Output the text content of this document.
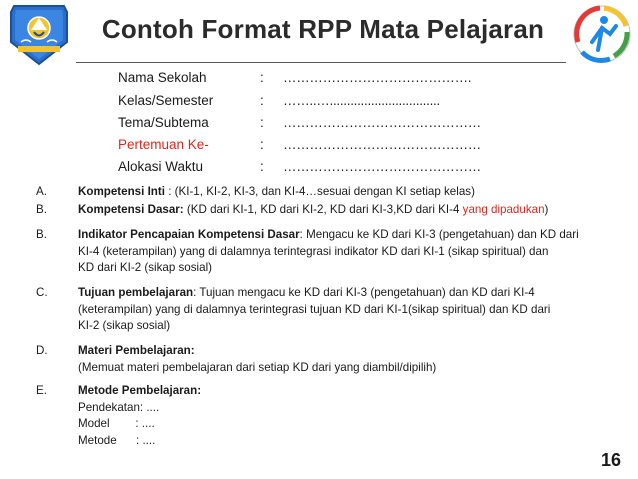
Contoh Format RPP Mata Pelajaran
Nama Sekolah	: …………………………………….
Kelas/Semester	: ……..…................................
Tema/Subtema	: ………………………………………
Pertemuan Ke-	: ………………………………………
Alokasi Waktu	: ………………………………………
A.	Kompetensi Inti : (KI-1, KI-2, KI-3, dan KI-4…sesuai dengan KI setiap kelas)
B.	Kompetensi Dasar: (KD dari KI-1, KD dari KI-2, KD dari KI-3,KD dari KI-4 yang dipadukan)
B.	Indikator Pencapaian Kompetensi Dasar: Mengacu ke KD dari KI-3 (pengetahuan) dan KD dari
KI-4 (keterampilan) yang di dalamnya terintegrasi indikator KD dari KI-1 (sikap spiritual) dan
KD dari KI-2 (sikap sosial)
C.	Tujuan pembelajaran: Tujuan mengacu ke KD dari KI-3 (pengetahuan) dan KD dari KI-4
(keterampilan) yang di dalamnya terintegrasi tujuan KD dari KI-1(sikap spiritual) dan KD dari
KI-2 (sikap sosial)
D.	Materi Pembelajaran:
(Memuat materi pembelajaran dari setiap KD dari yang diambil/dipilih)
E.	Metode Pembelajaran:
Pendekatan: ....
Model        : ....
Metode      : ....
16
